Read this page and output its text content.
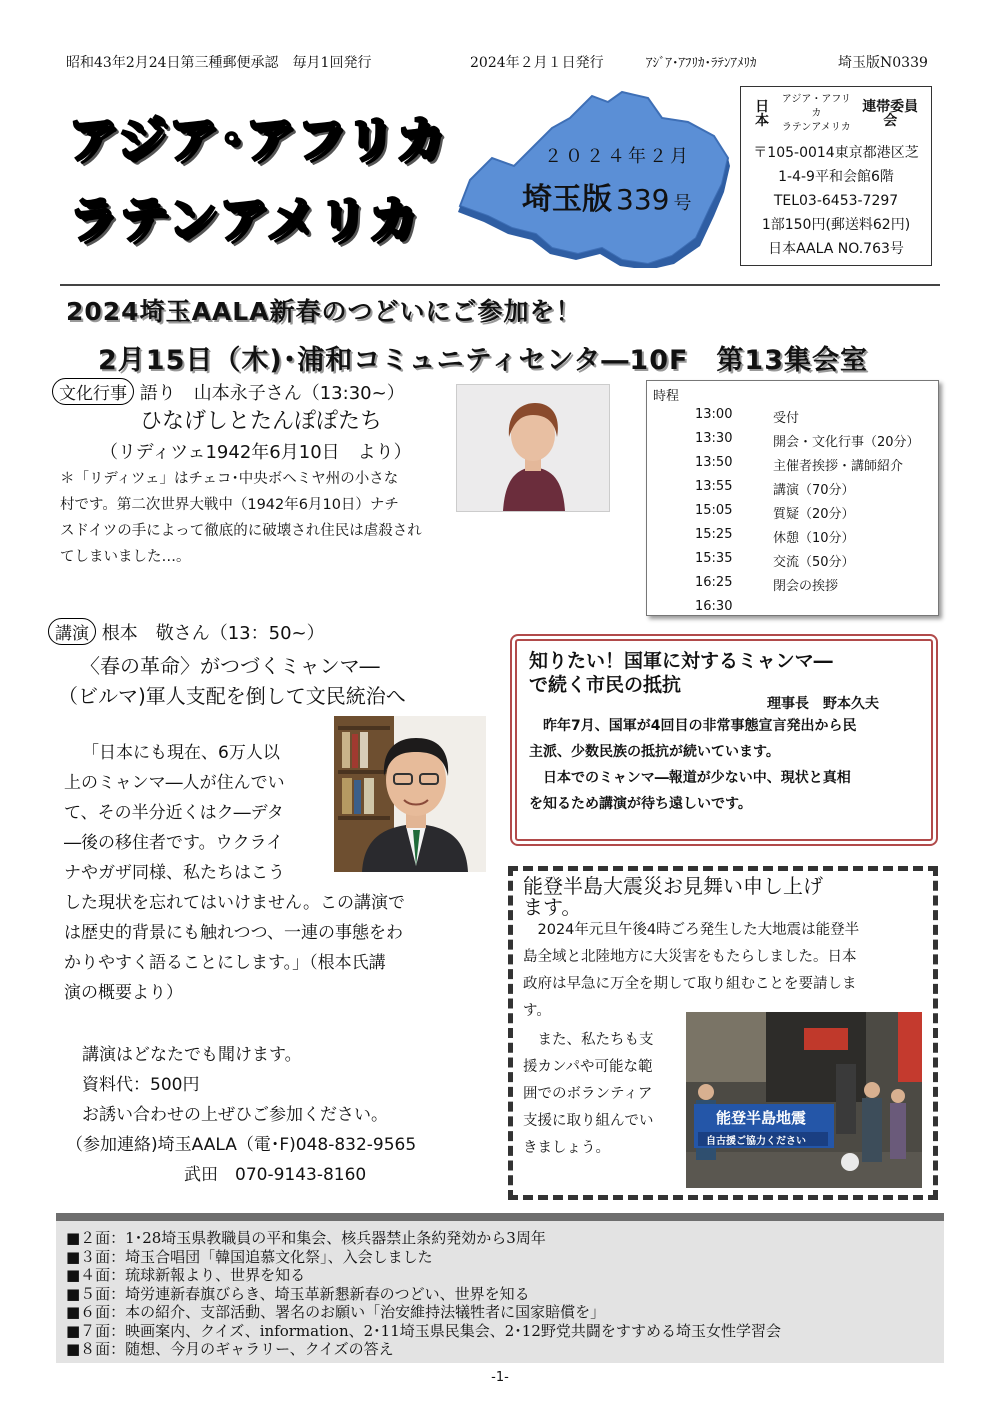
昭和43年2月24日第三種郵便承認　毎月1回発行	2024年２月１日発行	ｱｼﾞｱ･ｱﾌﾘｶ･ﾗﾃﾝｱﾒﾘｶ	埼玉版N0339
アジア･アフリカ
ラテンアメリカ
２０２４年２月
埼玉版 339 号
日本
アジア・アフリカ
ラテンアメリカ
連帯委員会
〒105-0014東京都港区芝
1-4-9平和会館6階
TEL03-6453-7297
1部150円(郵送料62円)
日本AALA NO.763号
2024埼玉AALA新春のつどいにご参加を！
2月15日（木)･浦和コミュニティセンタ―10F　第13集会室
文化行事 語り　山本永子さん（13:30~）
ひなげしとたんぽぽたち
（リディツェ1942年6月10日　より）
＊「リディツェ」はチェコ･中央ボヘミヤ州の小さな
村です。第二次世界大戦中（1942年6月10日）ナチ
スドイツの手によって徹底的に破壊され住民は虐殺され
てしまいました…。
時程
13:00	受付
13:30	開会・文化行事（20分）
13:50	主催者挨拶・講師紹介
13:55	講演（70分）
15:05	質疑（20分）
15:25	休憩（10分）
15:35	交流（50分）
16:25	閉会の挨拶
16:30
講演 根本　敬さん（13：50~）
〈春の革命〉がつづくミャンマ―
（ビルマ)軍人支配を倒して文民統治へ
「日本にも現在、6万人以
上のミャンマ―人が住んでい
て、その半分近くはク―デタ
―後の移住者です。ウクライ
ナやガザ同様、私たちはこう
した現状を忘れてはいけません。この講演で
は歴史的背景にも触れつつ、一連の事態をわ
かりやすく語ることにします。」（根本氏講
演の概要より）
講演はどなたでも聞けます。
資料代：500円
お誘い合わせの上ぜひご参加ください。
（参加連絡)埼玉AALA（電･F)048-832-9565
武田　070-9143-8160
知りたい！国軍に対するミャンマ―
で続く市民の抵抗
理事長　野本久夫
　昨年7月、国軍が4回目の非常事態宣言発出から民
主派、少数民族の抵抗が続いています。
　日本でのミャンマ―報道が少ない中、現状と真相
を知るため講演が待ち遠しいです。
能登半島大震災お見舞い申し上げ
ます。
　2024年元旦午後4時ごろ発生した大地震は能登半
島全域と北陸地方に大災害をもたらしました。日本
政府は早急に万全を期して取り組むことを要請しま
す。
　また、私たちも支
援カンパや可能な範
囲でのボランティア
支援に取り組んでい
きましょう。
能登半島地震
自古援ご協力ください
■２面：1･28埼玉県教職員の平和集会、核兵器禁止条約発効から3周年
■３面：埼玉合唱団「韓国追慕文化祭」、入会しました
■４面：琉球新報より、世界を知る
■５面：埼労連新春旗びらき、埼玉革新懇新春のつどい、世界を知る
■６面：本の紹介、支部活動、署名のお願い「治安維持法犠牲者に国家賠償を」
■７面：映画案内、クイズ、information、2･11埼玉県民集会、2･12野党共闘をすすめる埼玉女性学習会
■８面：随想、今月のギャラリー、クイズの答え
-1-
